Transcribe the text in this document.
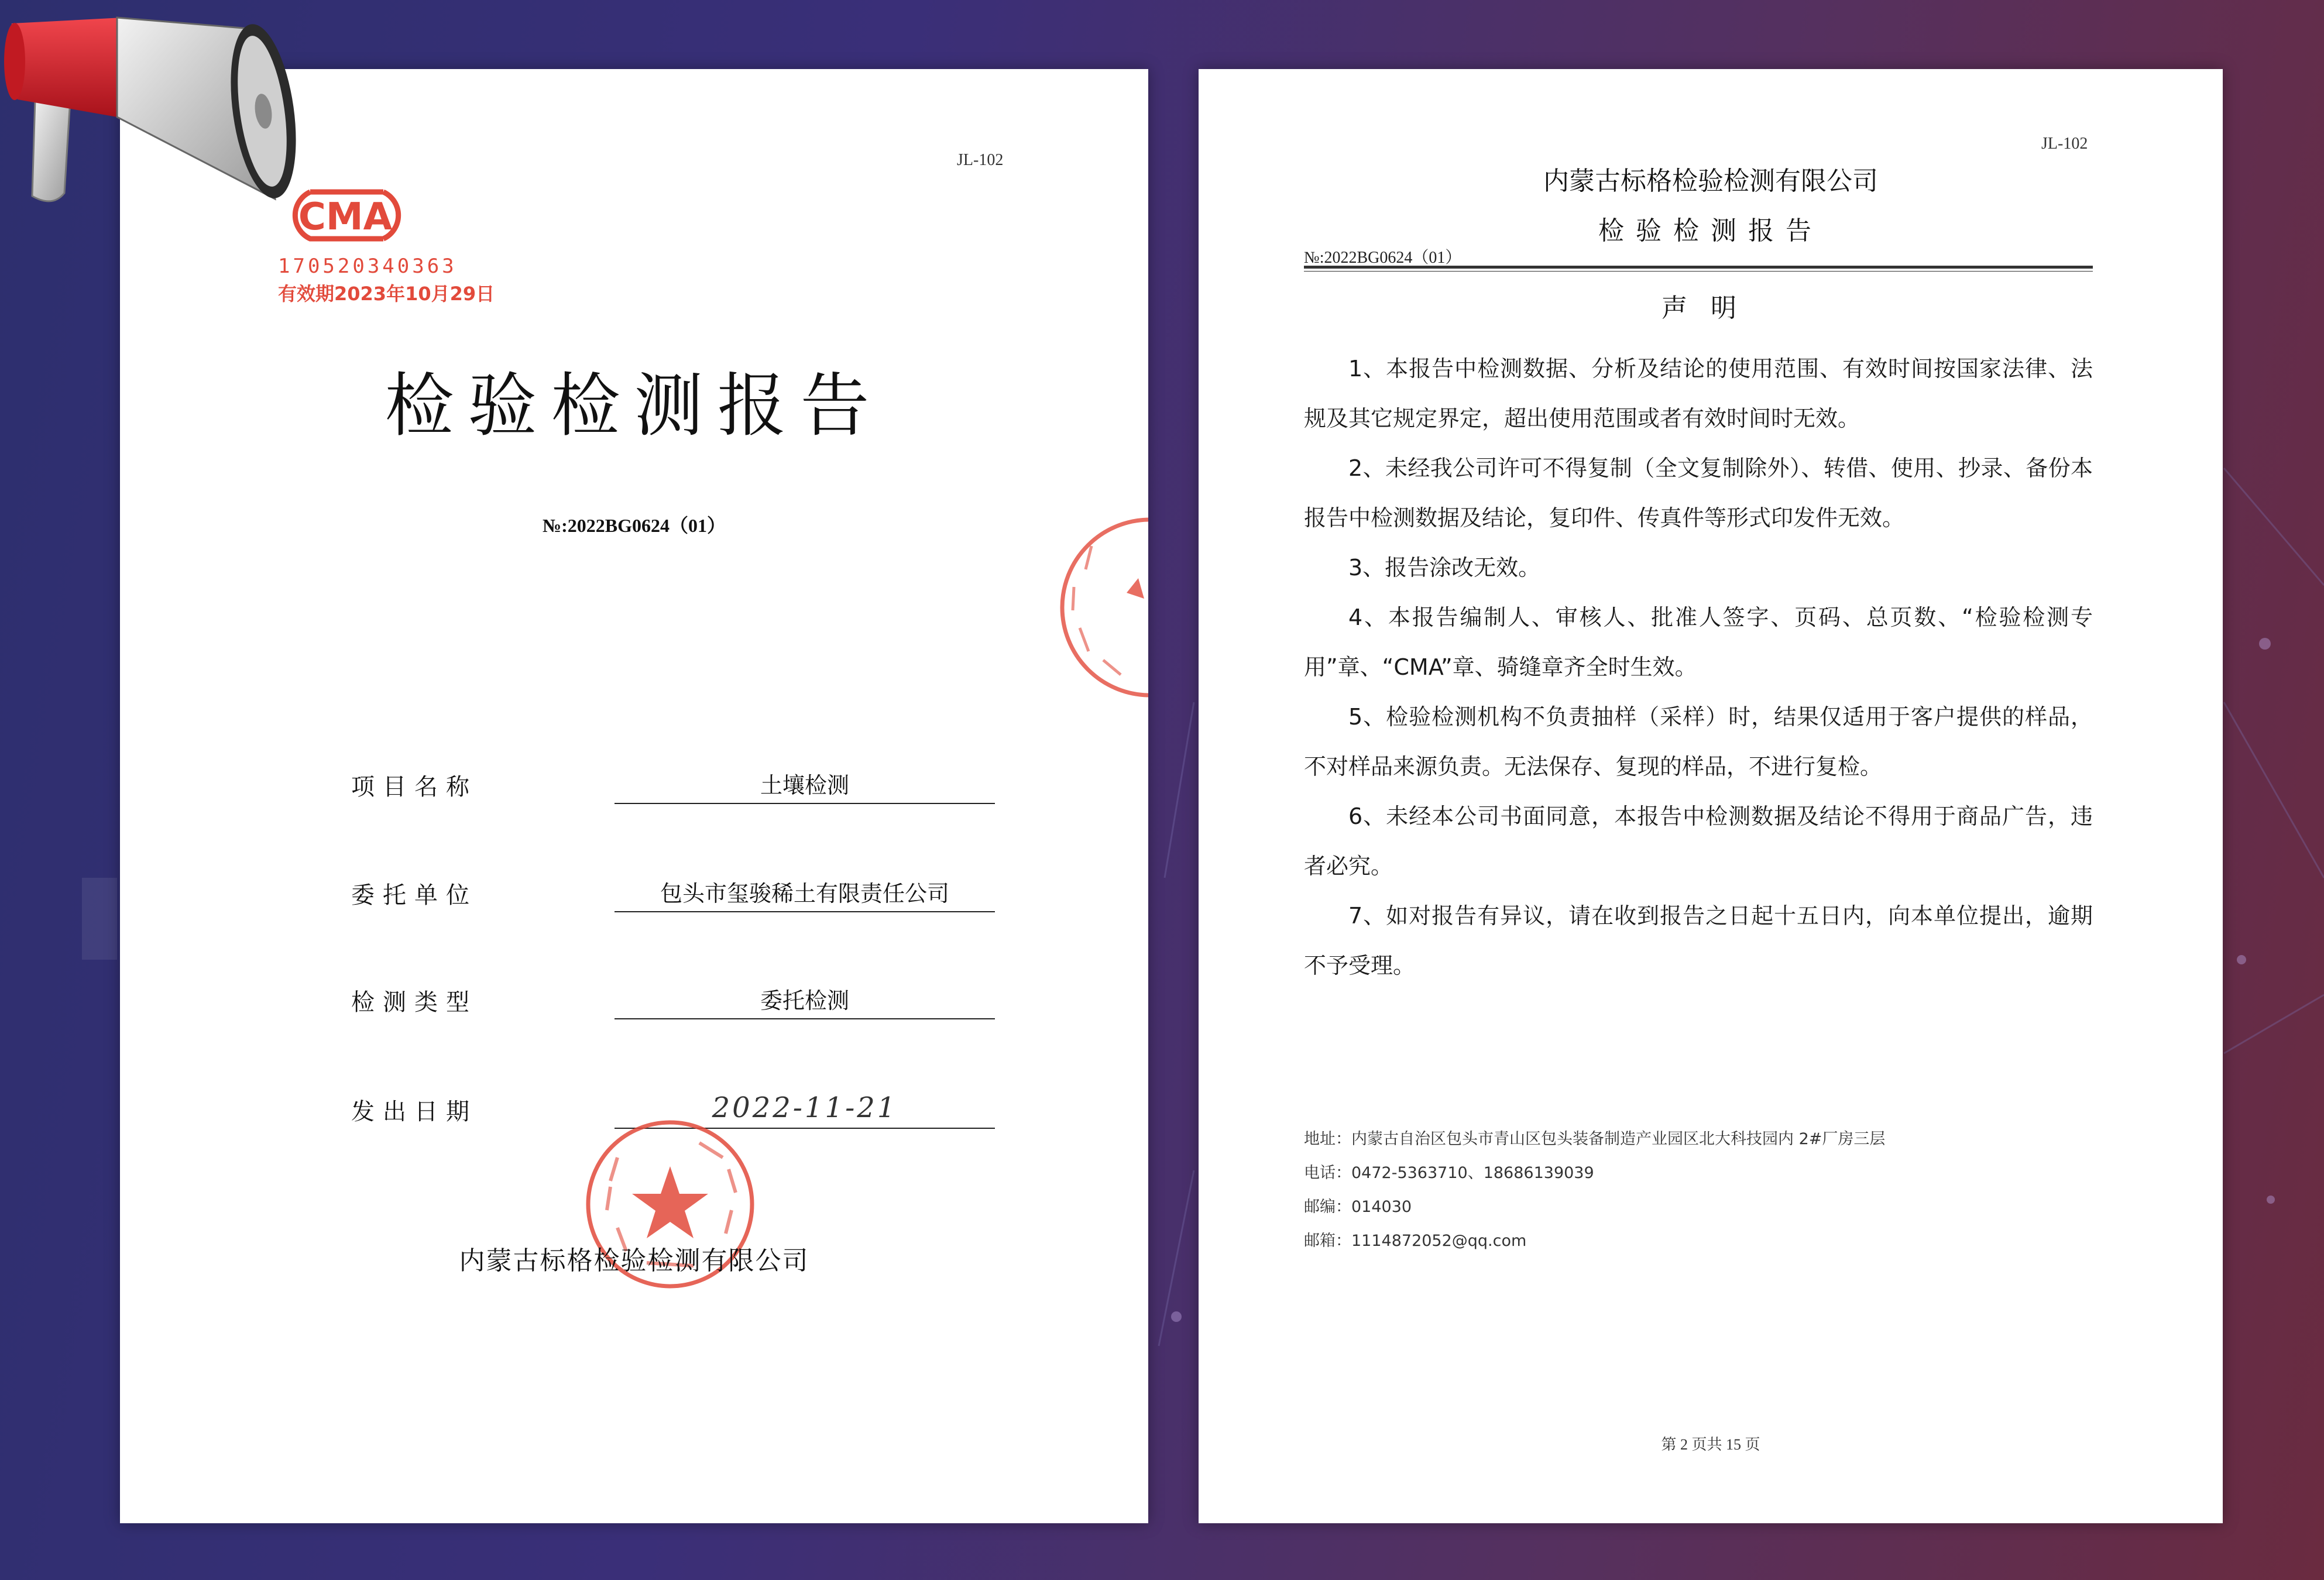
JL-102
CMA
170520340363
有效期2023年10月29日
检验检测报告
№:2022BG0624（01）
项目名称	土壤检测
委托单位	包头市玺骏稀土有限责任公司
检测类型	委托检测
发出日期	2022-11-21
内蒙古标格检验检测有限公司
JL-102
内蒙古标格检验检测有限公司
检验检测报告
№:2022BG0624（01）
声明

1、本报告中检测数据、分析及结论的使用范围、有效时间按国家法律、法规及其它规定界定，超出使用范围或者有效时间时无效。

2、未经我公司许可不得复制（全文复制除外）、转借、使用、抄录、备份本报告中检测数据及结论，复印件、传真件等形式印发件无效。

3、报告涂改无效。

4、本报告编制人、审核人、批准人签字、页码、总页数、“检验检测专用”章、“CMA”章、骑缝章齐全时生效。

5、检验检测机构不负责抽样（采样）时，结果仅适用于客户提供的样品，不对样品来源负责。无法保存、复现的样品，不进行复检。

6、未经本公司书面同意，本报告中检测数据及结论不得用于商品广告，违者必究。

7、如对报告有异议，请在收到报告之日起十五日内，向本单位提出，逾期不予受理。

地址：内蒙古自治区包头市青山区包头装备制造产业园区北大科技园内 2#厂房三层
电话：0472-5363710、18686139039
邮编：014030
邮箱：1114872052@qq.com
第 2 页共 15 页
